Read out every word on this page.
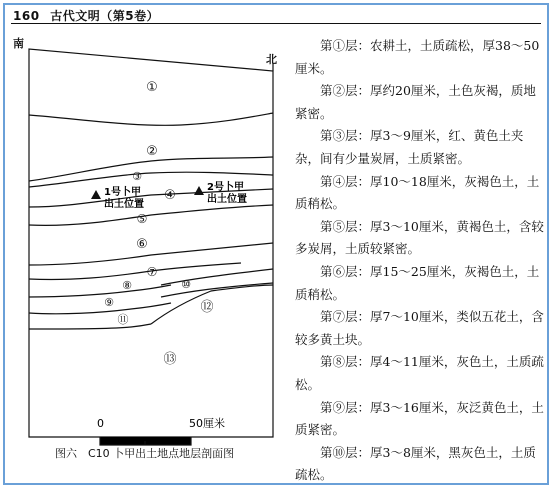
160 古代文明（第5卷）
南
北
①
②
③
④
⑤
⑥
⑦
⑩
⑧
⑨
⑪
⑫
⑬
1号卜甲
出土位置
2号卜甲
出土位置
0	50厘米
图六　C10 卜甲出土地点地层剖面图

第①层：农耕土，土质疏松，厚38～50厘米。

第②层：厚约20厘米，土色灰褐，质地紧密。

第③层：厚3～9厘米，红、黄色土夹杂，间有少量炭屑，土质紧密。

第④层：厚10～18厘米，灰褐色土，土质稍松。

第⑤层：厚3～10厘米，黄褐色土，含较多炭屑，土质较紧密。

第⑥层：厚15～25厘米，灰褐色土，土质稍松。

第⑦层：厚7～10厘米，类似五花土，含较多黄土块。

第⑧层：厚4～11厘米，灰色土，土质疏松。

第⑨层：厚3～16厘米，灰泛黄色土，土质紧密。

第⑩层：厚3～8厘米，黑灰色土，土质疏松。
